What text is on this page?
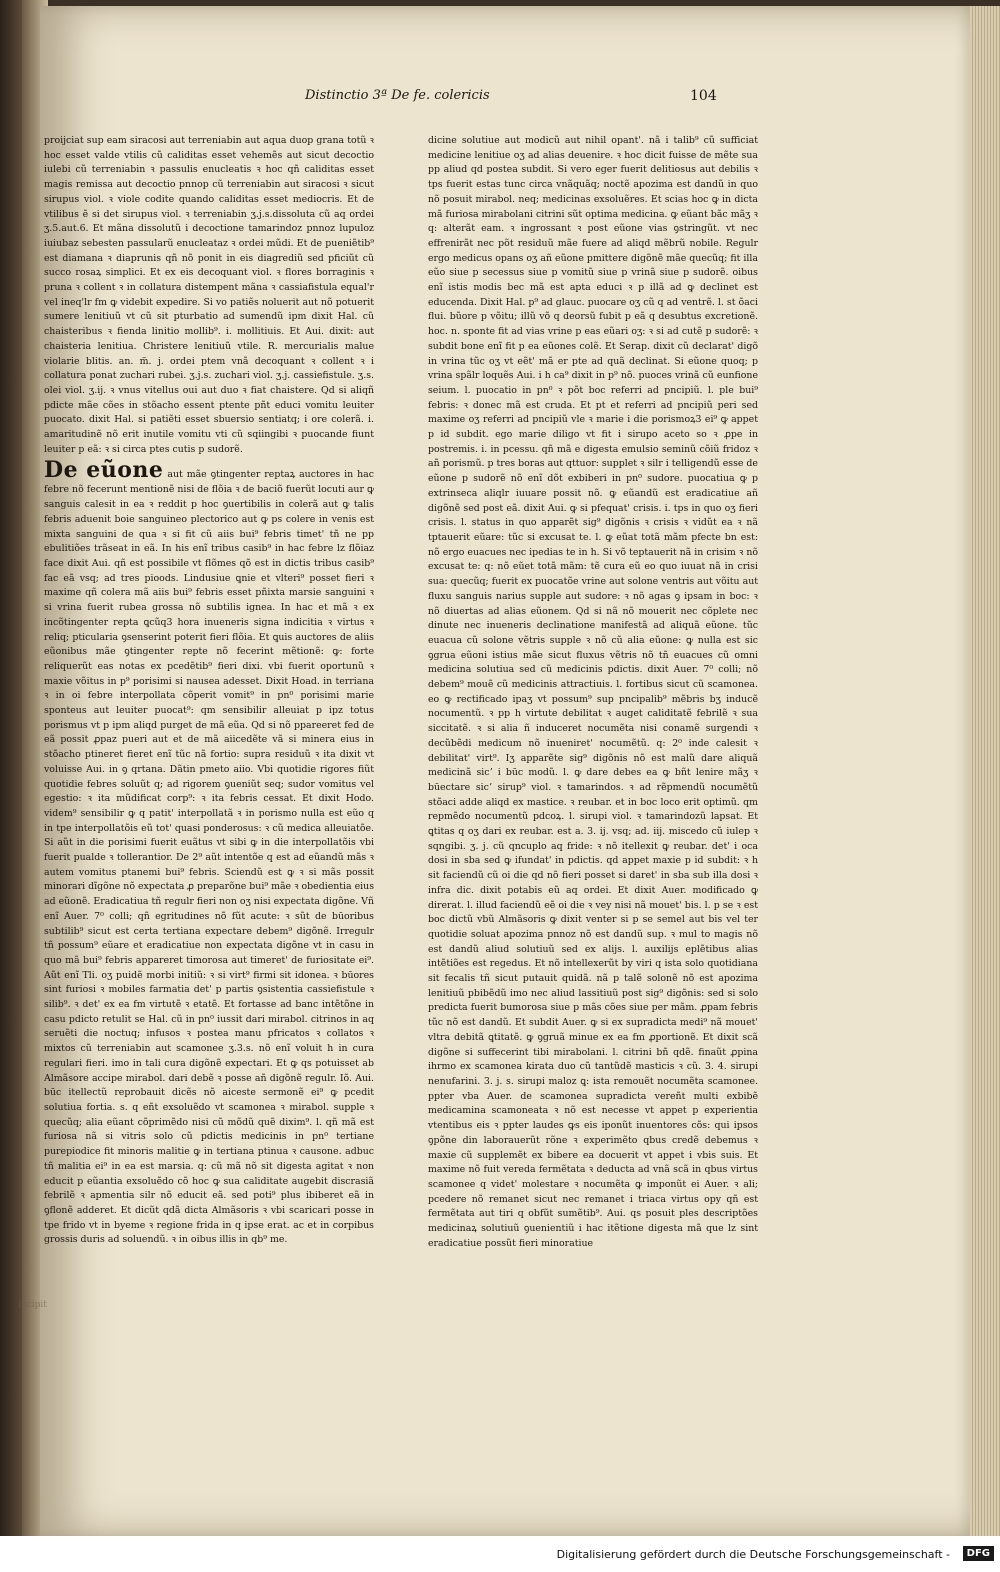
Distinctio 3ª De fe. colericis	104

proijciat sup eam siracosi aut terreniabin aut aqua duop grana totũ ꝛ hoc esset valde vtilis cũ caliditas esset vehemẽs aut sicut decoctio iulebi cũ terreniabin ꝛ passulis enucleatis ꝛ hoc qñ caliditas esset magis remissa aut decoctio pnnop cũ terreniabin aut siracosi ꝛ sicut sirupus viol. ꝛ viole codite quando caliditas esset mediocris. Et de vtilibus ẽ si det sirupus viol. ꝛ terreniabin ʒ.j.s.dissoluta cũ aq ordei ʒ.5.aut.6. Et mãna dissolutũ i decoctione tamarindoz pnnoz lupuloz iuiubaz sebesten passularũ enucleataz ꝛ ordei mũdi. Et de pueniẽtib⁹ est diamana ꝛ diaprunis qñ nõ ponit in eis diagrediũ sed pficiũt cũ succo rosaꝝ simplici. Et ex eis decoquant viol. ꝛ flores borraginis ꝛ pruna ꝛ collent ꝛ in collatura distempent mãna ꝛ cassiafistula equal'r vel ineq'lr fm ꝙ videbit expedire. Si vo patiẽs noluerit aut nõ potuerit sumere lenitiuũ vt cũ sit pturbatio ad sumendũ ipm dixit Hal. cũ chaisteribus ꝛ fienda linitio mollib⁹. i. mollitiuis. Et Aui. dixit: aut chaisteria lenitiua. Christere lenitiuũ vtile. R. mercurialis malue violarie blitis. an. m̃. j. ordei ptem vnã decoquant ꝛ collent ꝛ i collatura ponat zuchari rubei. ʒ.j.s. zuchari viol. ʒ.j. cassiefistule. ʒ.s. olei viol. ʒ.ij. ꝛ vnus vitellus oui aut duo ꝛ fiat chaistere. Qd si aliqñ pdicte mãe cões in stõacho essent ptente pñt educi vomitu leuiter puocato. dixit Hal. si patiẽti esset sbuersio sentiatq; i ore colerã. i. amaritudinẽ nõ erit inutile vomitu vti cũ sqiingibi ꝛ puocande fiunt leuiter p eã: ꝛ si circa ptes cutis p sudorẽ.

De eũone aut mãe ꝯtingenter reptaꝝ auctores in hac febre nõ fecerunt mentionẽ nisi de flõia ꝛ de baciõ fuerũt locuti aur ꝙ sanguis calesit in ea ꝛ reddit p hoc ꝯuertibilis in colerã aut ꝙ talis febris aduenit boie sanguineo plectorico aut ꝙ ps colere in venis est mixta sanguini de qua ꝛ si fit cũ aiis bui⁹ febris timet' tñ ne pp ebulitiões trãseat in eã. In his enĩ tribus casib⁹ in hac febre lz flõiaz face dixit Aui. qñ est possibile vt flõmes qõ est in dictis tribus casib⁹ fac eã vsq; ad tres pioods. Lindusiue ꝗnie et vlteri⁹ posset fieri ꝛ maxime qñ colera mã aiis bui⁹ febris esset pñixta marsie sanguini ꝛ si vrina fuerit rubea grossa nõ subtilis ignea. In hac et mã ꝛ ex incõtingenter repta ꝗcũq3 hora inueneris signa indicitia ꝛ virtus ꝛ reliq; pticularia ꝯsenserint poterit fieri flõia. Et ꝗuis auctores de aliis eũonibus mãe ꝯtingenter repte nõ fecerint mẽtionẽ: ꝙ: forte reliquerũt eas notas ex pcedẽtib⁹ fieri dixi. vbi fuerit oportunũ ꝛ maxie võitus in p⁹ porisimi si nausea adesset. Dixit Hoad. in terriana ꝛ in oi febre interpollata cõperit vomit⁹ in pn⁰ porisimi marie sponteus aut leuiter puocat⁹: qm sensibilir alleuiat p ipz totus porismus vt p ipm aliqd purget de mã eũa. Qd si nõ ppareeret fed de eã possit ꝓpaz pueri aut et de mã aiicedẽte vã si minera eius in stõacho ptineret fieret enĩ tũc nã fortio: supra residuũ ꝛ ita dixit vt voluisse Aui. in ꝯ qrtana. Dãtin pmeto aiio. Vbi quotidie rigores fiũt quotidie febres soluũt q; ad rigorem ꝯueniũt seq; sudor vomitus vel egestio: ꝛ ita mũdificat corp⁹: ꝛ ita febris cessat. Et dixit Hodo. videm⁹ sensibilir ꝙ q patit' interpollatã ꝛ in porismo nulla est eũo q in tpe interpollatõis eũ tot' quasi ponderosus: ꝛ cũ medica alleuiatõe. Si aũt in die porisimi fuerit euãtus vt sibi ꝙ in die interpollatõis vbi fuerit pualde ꝛ tollerantior. De 2⁹ aũt intentõe q est ad eũandũ mãs ꝛ autem vomitus ptanemi bui⁹ febris. Sciendũ est ꝙ ꝛ si mãs possit minorari dĩgõne nõ expectata ꝓ preparõne bui⁹ mãe ꝛ obedientia eius ad eũonẽ. Eradicatiua tñ regulr fieri non oʒ nisi expectata digõne. Vñ enĩ Auer. 7⁰ colli; qñ egritudines nõ fũt acute: ꝛ sũt de būoribus subtilib⁹ sicut est certa tertiana expectare debem⁹ digõnẽ. Irregulr tñ possum⁹ eũare et eradicatiue non expectata digõne vt in casu in quo mã bui⁹ febris appareret timorosa aut timeret' de furiositate ei⁹. Aũt enĩ Tli. oʒ puidẽ morbi initiũ: ꝛ si virt⁹ firmi sit idonea. ꝛ būores sint furiosi ꝛ mobiles farmatia det' p partis ꝯsistentia cassiefistule ꝛ silib⁹. ꝛ det' ex ea fm virtutẽ ꝛ etatẽ. Et fortasse ad banc intẽtõne in casu pdicto retulit se Hal. cũ in pn⁰ iussit dari mirabol. citrinos in aq seruẽti die noctuq; infusos ꝛ postea manu pfricatos ꝛ collatos ꝛ mixtos cũ terreniabin aut scamonee ʒ.3.s. nõ enĩ voluit h in cura regulari fieri. imo in tali cura digõnẽ expectari. Et ꝙ qs potuisset ab Almãsore accipe mirabol. dari debẽ ꝛ posse añ digõnẽ regulr. Iõ. Aui. būc itellectũ reprobauit dicẽs nõ aiceste sermonẽ ei⁹ ꝙ pcedit solutiua fortia. s. q eñt exsoluẽdo vt scamonea ꝛ mirabol. supple ꝛ quecũq; alia eũant cõprimẽdo nisi cũ mõdũ quẽ dixim⁹. l. qñ mã est furiosa nã si vitris solo cũ pdictis medicinis in pn⁰ tertiane purepiodice fit minoris malitie ꝙ in tertiana ptinua ꝛ causone. adbuc tñ malitia ei⁹ in ea est marsia. q: cũ mã nõ sit digesta agitat ꝛ non educit p eũantia exsoluẽdo cõ hoc ꝙ sua caliditate augebit discrasiã febrilẽ ꝛ apmentia silr nõ educit eã. sed poti⁹ plus ibiberet eã in ꝯflonẽ adderet. Et dicũt qdã dicta Almãsoris ꝛ vbi scaricari posse in tpe frido vt in byeme ꝛ regione frida in q ipse erat. ac et in corpibus grossis duris ad soluendũ. ꝛ in oibus illis in qb⁹ me.

dicine solutiue aut modicũ aut nihil opant'. nã i talib⁹ cũ sufficiat medicine lenitiue oʒ ad alias deuenire. ꝛ hoc dicit fuisse de mẽte sua pp aliud qd postea subdit. Si vero eger fuerit delitiosus aut debilis ꝛ tps fuerit estas tunc circa vnãquãq; noctẽ apozima est dandũ in quo nõ posuit mirabol. neq; medicinas exsoluẽres. Et scias hoc ꝙ in dicta mã furiosa mirabolani citrini sũt optima medicina. ꝙ eũant bãc mãʒ ꝛ q: alterãt eam. ꝛ ingrossant ꝛ post eũone vias ꝯstringũt. vt nec effrenirãt nec põt residuũ mãe fuere ad aliqd mẽbrũ nobile. Regulr ergo medicus opans oʒ añ eũone pmittere digõnẽ mãe quecũq; fit illa eũo siue p secessus siue p vomitũ siue p vrinã siue p sudorẽ. oibus enĩ istis modis bec mã est apta educi ꝛ p illã ad ꝙ declinet est educenda. Dixit Hal. p⁹ ad glauc. puocare oʒ cũ q ad ventrẽ. l. st õaci flui. bũore p võitu; illũ võ q deorsũ fubit p eã q desubtus excretionẽ. hoc. n. sponte fit ad vias vrine p eas eũari oʒ: ꝛ si ad cutẽ p sudorẽ: ꝛ subdit bone enĩ fit p ea eũones colẽ. Et Serap. dixit cũ declarat' digõ in vrina tũc oʒ vt eẽt' mã er pte ad quã declinat. Si eũone quoq; p vrina spãlr loquẽs Aui. i h ca⁹ dixit in p⁹ nõ. puoces vrinã cũ eunfione seium. l. puocatio in pn⁰ ꝛ põt boc referri ad pncipiũ. l. ple bui⁹ febris: ꝛ donec mã est cruda. Et pt et referri ad pncipiũ peri sed maxime oʒ referri ad pncipiũ vle ꝛ marie i die porismoꝝ3 ei⁹ ꝙ appet p id subdit. ego marie diligo vt fit i sirupo aceto so ꝛ ꝓpe in postremis. i. in pcessu. qñ mã e digesta emulsio seminũ cõiũ fridoz ꝛ añ porismũ. p tres boras aut qttuor: supplet ꝛ silr i telligendũ esse de eũone p sudorẽ nõ enĩ dõt exbiberi in pn⁰ sudore. puocatiua ꝙ p extrinseca aliqlr iuuare possit nõ. ꝙ eũandũ est eradicatiue añ digõnẽ sed post eã. dixit Aui. ꝙ si pfequat' crisis. i. tps in quo oʒ fieri crisis. l. status in quo apparẽt sig⁹ digõnis ꝛ crisis ꝛ vidũt ea ꝛ nã tptauerit eũare: tũc si excusat te. l. ꝙ eũat totã mãm pfecte bn est: nõ ergo euacues nec ipedias te in h. Si võ teptauerit nã in crisim ꝛ nõ excusat te: q: nõ eũet totã mãm: tẽ cura eũ eo quo iuuat nã in crisi sua: quecũq; fuerit ex puocatõe vrine aut solone ventris aut võitu aut fluxu sanguis narius supple aut sudore: ꝛ nõ agas ꝯ ipsam in boc: ꝛ nõ diuertas ad alias eũonem. Qd si nã nõ mouerit nec cõplete nec dinute nec inueneris declinatione manifestã ad aliquã eũone. tũc euacua cũ solone vẽtris supple ꝛ nõ cũ alia eũone: ꝙ nulla est sic ꝯgrua eũoni istius mãe sicut fluxus vẽtris nõ tñ euacues cũ omni medicina solutiua sed cũ medicinis pdictis. dixit Auer. 7⁰ colli; nõ debem⁹ mouẽ cũ medicinis attractiuis. l. fortibus sicut cũ scamonea. eo ꝙ rectificado ipaʒ vt possum⁹ sup pncipalib⁹ mẽbris bʒ inducẽ nocumentũ. ꝛ pp h virtute debilitat ꝛ auget caliditatẽ febrilẽ ꝛ sua siccitatẽ. ꝛ si alia ñ induceret nocumẽta nisi conamẽ surgendi ꝛ decũbẽdi medicum nõ inueniret' nocumẽtũ. q: 2⁰ inde calesit ꝛ debilitat' virt⁹. Iʒ apparẽte sig⁹ digõnis nõ est malũ dare aliquã medicinã sicʼ i būc modũ. l. ꝙ dare debes ea ꝙ bñt lenire mãʒ ꝛ būectare sicʼ sirup⁹ viol. ꝛ tamarindos. ꝛ ad rẽpmendũ nocumẽtũ stõaci adde aliqd ex mastice. ꝛ reubar. et in boc loco erit optimũ. qm repmẽdo nocumentũ pdcoꝝ. l. sirupi viol. ꝛ tamarindozũ lapsat. Et ꝗtitas q oʒ dari ex reubar. est a. 3. ij. vsq; ad. iij. miscedo cũ iulep ꝛ sqngibi. ʒ. j. cũ qncuplo aq fride: ꝛ nõ itellexit ꝙ reubar. det' i oca dosi in sba sed ꝙ ifundat' in pdictis. qd appet maxie p id subdit: ꝛ h sit faciendũ cũ oi die qd nõ fieri posset si daret' in sba sub illa dosi ꝛ infra dic. dixit potabis eũ aq ordei. Et dixit Auer. modificado ꝙ direrat. l. illud faciendũ eẽ oi die ꝛ vey nisi nã mouet' bis. l. p se ꝛ est boc dictũ vbũ Almãsoris ꝙ dixit venter si p se semel aut bis vel ter quotidie soluat apozima pnnoz nõ est dandũ sup. ꝛ mul to magis nõ est dandũ aliud solutiuũ sed ex alijs. l. auxilijs eplẽtibus alias intẽtiões est regedus. Et nõ intellexerũt by viri q ista solo quotidiana sit fecalis tñ sicut putauit quidã. nã p talẽ solonẽ nõ est apozima lenitiuũ pbibẽdũ imo nec aliud lassitiuũ post sig⁹ digõnis: sed si solo predicta fuerit bumorosa siue p mãs cões siue per mãm. ꝓpam febris tũc nõ est dandũ. Et subdit Auer. ꝙ si ex supradicta medi⁹ nã mouet' vltra debitã ꝗtitatẽ. ꝙ ꝯgruã minue ex ea fm ꝓportionẽ. Et dixit scã digõne si suffecerint tibi mirabolani. l. citrini bñ qdẽ. finaũt ꝓpina ihrmo ex scamonea kirata duo cũ tantũdẽ masticis ꝛ cũ. 3. 4. sirupi nenufarini. 3. j. s. sirupi maloz ꝗ: ista remouẽt nocumẽta scamonee. ppter vba Auer. de scamonea supradicta vereñt multi exbibẽ medicamina scamoneata ꝛ nõ est necesse vt appet p experientia vtentibus eis ꝛ ppter laudes ꝙs eis iponũt inuentores cõs: qui ipsos ꝯpõne din laborauerũt rõne ꝛ experimẽto qbus credẽ debemus ꝛ maxie cũ supplemẽt ex bibere ea docuerit vt appet i vbis suis. Et maxime nõ fuit vereda fermẽtata ꝛ deducta ad vnã scã in qbus virtus scamonee q videt' molestare ꝛ nocumẽta ꝙ imponũt ei Auer. ꝛ ali; pcedere nõ remanet sicut nec remanet i triaca virtus opy qñ est fermẽtata aut tiri q obfũt sumẽtib⁹. Aui. qs posuit ples descriptões medicinaꝝ solutiuũ ꝯuenientiũ i hac itẽtione digesta mã que lz sint eradicatiue possũt fieri minoratiue

incipit
Digitalisierung gefördert durch die Deutsche Forschungsgemeinschaft -	DFG
